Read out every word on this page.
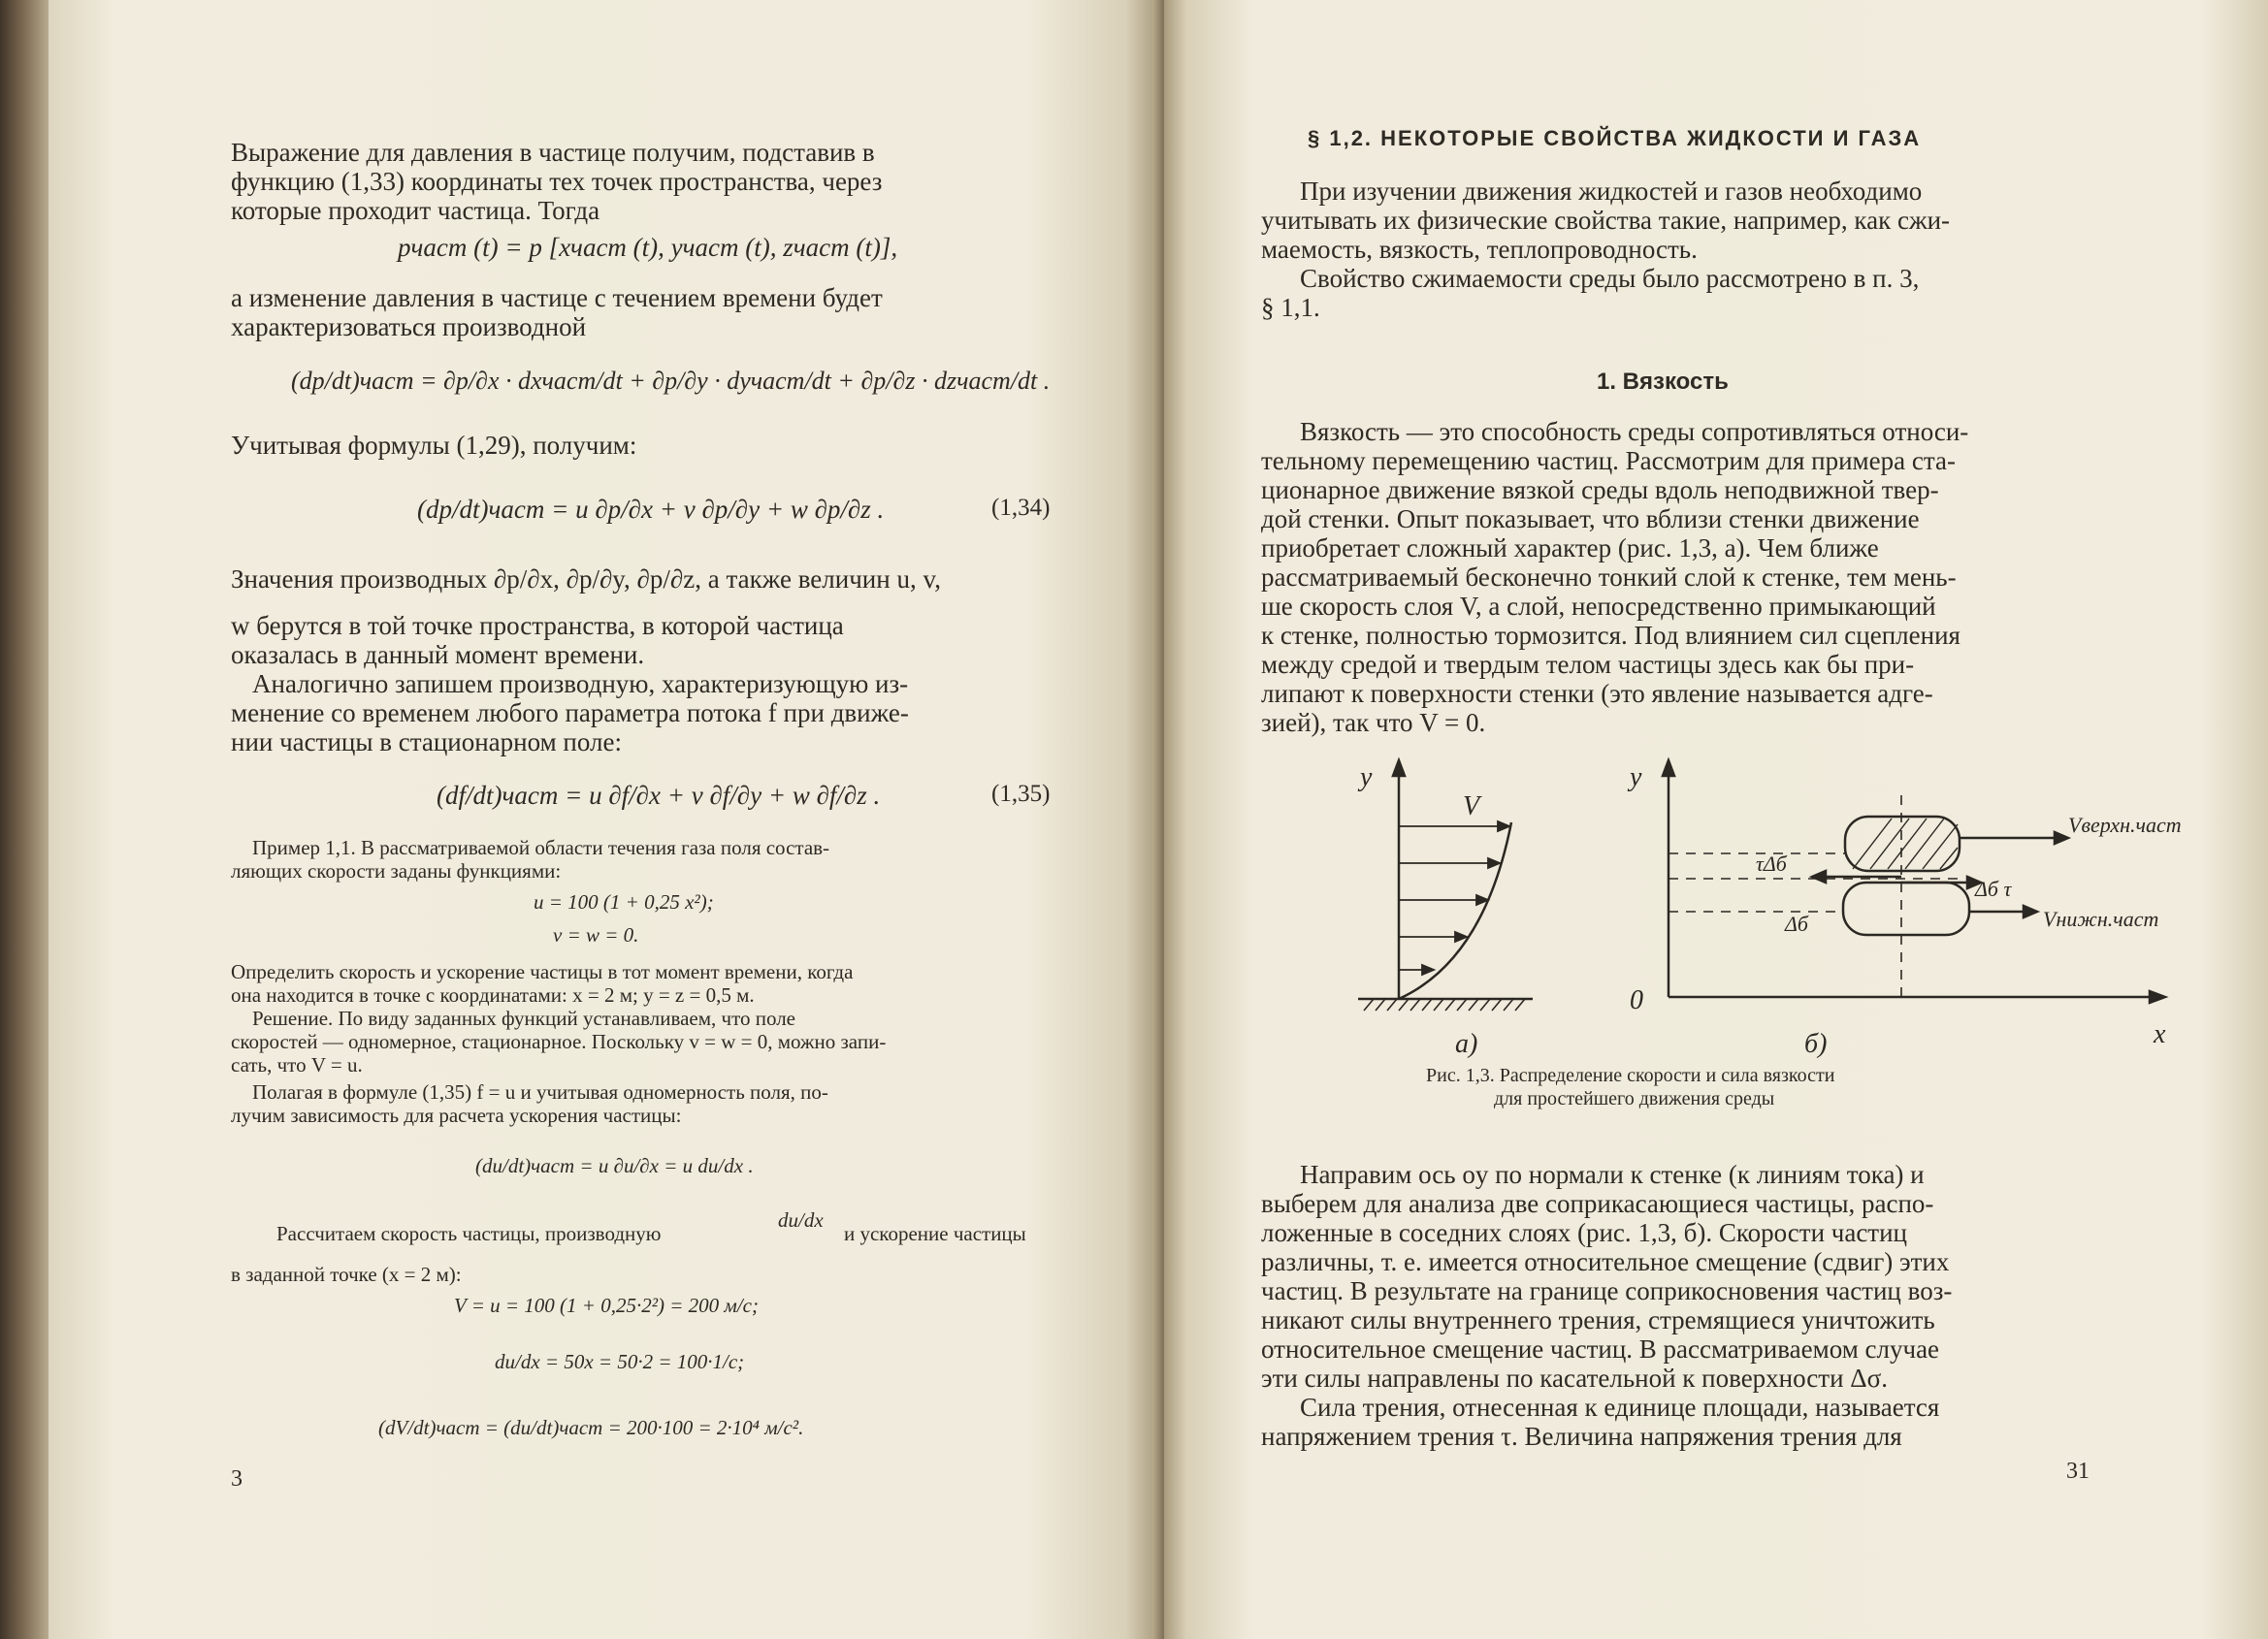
Выражение для давления в частице получим, подставив в
функцию (1,33) координаты тех точек пространства, через
которые проходит частица. Тогда
pчаст (t) = p [xчаст (t), yчаст (t), zчаст (t)],
а изменение давления в частице с течением времени будет
характеризоваться производной
(dp/dt)част = ∂p/∂x · dxчаст/dt + ∂p/∂y · dyчаст/dt + ∂p/∂z · dzчаст/dt .
Учитывая формулы (1,29), получим:
(dp/dt)част = u ∂p/∂x + v ∂p/∂y + w ∂p/∂z .	(1,34)
Значения производных ∂p/∂x, ∂p/∂y, ∂p/∂z, а также величин u, v,
w берутся в той точке пространства, в которой частица
оказалась в данный момент времени.
Аналогично запишем производную, характеризующую из-
менение со временем любого параметра потока f при движе-
нии частицы в стационарном поле:
(df/dt)част = u ∂f/∂x + v ∂f/∂y + w ∂f/∂z .	(1,35)
Пример 1,1. В рассматриваемой области течения газа поля состав-
ляющих скорости заданы функциями:
u = 100 (1 + 0,25 x²);
v = w = 0.
Определить скорость и ускорение частицы в тот момент времени, когда
она находится в точке с координатами: x = 2 м; y = z = 0,5 м.
Решение. По виду заданных функций устанавливаем, что поле
скоростей — одномерное, стационарное. Поскольку v = w = 0, можно запи-
сать, что V = u.
Полагая в формуле (1,35) f = u и учитывая одномерность поля, по-
лучим зависимость для расчета ускорения частицы:
(du/dt)част = u ∂u/∂x = u du/dx .
Рассчитаем скорость частицы, производную
du/dx
и ускорение частицы
в заданной точке (x = 2 м):
V = u = 100 (1 + 0,25·2²) = 200 м/с;
du/dx = 50x = 50·2 = 100·1/с;
(dV/dt)част = (du/dt)част = 200·100 = 2·10⁴ м/с².
3
§ 1,2. НЕКОТОРЫЕ СВОЙСТВА ЖИДКОСТИ И ГАЗА
При изучении движения жидкостей и газов необходимо
учитывать их физические свойства такие, например, как сжи-
маемость, вязкость, теплопроводность.
Свойство сжимаемости среды было рассмотрено в п. 3,
§ 1,1.
1. Вязкость
Вязкость — это способность среды сопротивляться относи-
тельному перемещению частиц. Рассмотрим для примера ста-
ционарное движение вязкой среды вдоль неподвижной твер-
дой стенки. Опыт показывает, что вблизи стенки движение
приобретает сложный характер (рис. 1,3, a). Чем ближе
рассматриваемый бесконечно тонкий слой к стенке, тем мень-
ше скорость слоя V, а слой, непосредственно примыкающий
к стенке, полностью тормозится. Под влиянием сил сцепления
между средой и твердым телом частицы здесь как бы при-
липают к поверхности стенки (это явление называется адге-
зией), так что V = 0.
y
V
a)
y
б)
0
x
Vверхн.част
Vнижн.част
τΔб
Δб τ
Δб
Рис. 1,3. Распределение скорости и сила вязкости
для простейшего движения среды
Направим ось oy по нормали к стенке (к линиям тока) и
выберем для анализа две соприкасающиеся частицы, распо-
ложенные в соседних слоях (рис. 1,3, б). Скорости частиц
различны, т. е. имеется относительное смещение (сдвиг) этих
частиц. В результате на границе соприкосновения частиц воз-
никают силы внутреннего трения, стремящиеся уничтожить
относительное смещение частиц. В рассматриваемом случае
эти силы направлены по касательной к поверхности Δσ.
Сила трения, отнесенная к единице площади, называется
напряжением трения τ. Величина напряжения трения для
31
